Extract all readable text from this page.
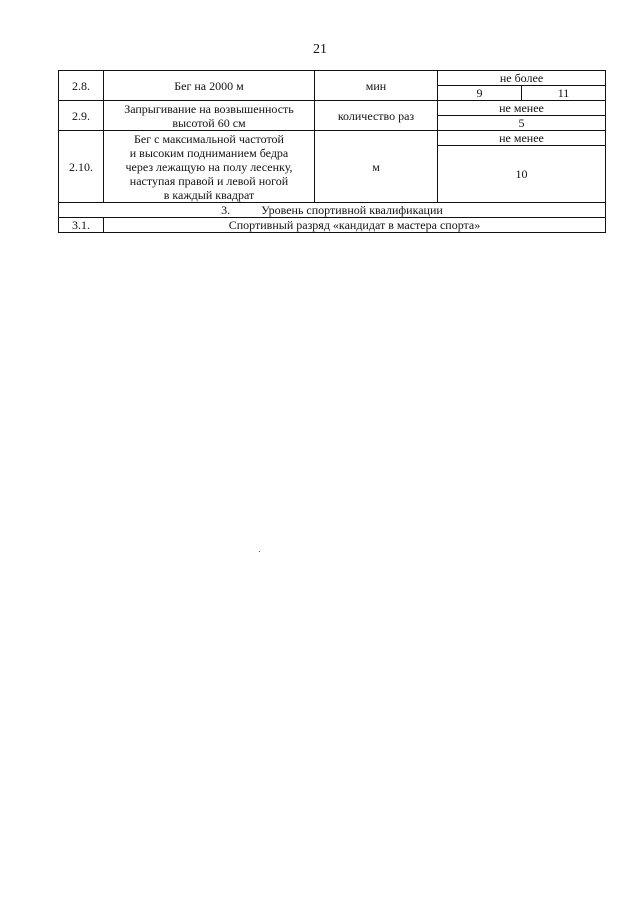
21
2.8.	Бег на 2000 м	мин	не более	
			9	11
2.9.	Запрыгивание на возвышенность
высотой 60 см	количество раз	не менее	
			5	
2.10.	Бег с максимальной частотой
и высоким подниманием бедра
через лежащую на полу лесенку,
наступая правой и левой ногой
в каждый квадрат	м	не менее	
			10	
3. Уровень спортивной квалификации				
3.1.	Спортивный разряд «кандидат в мастера спорта»			
